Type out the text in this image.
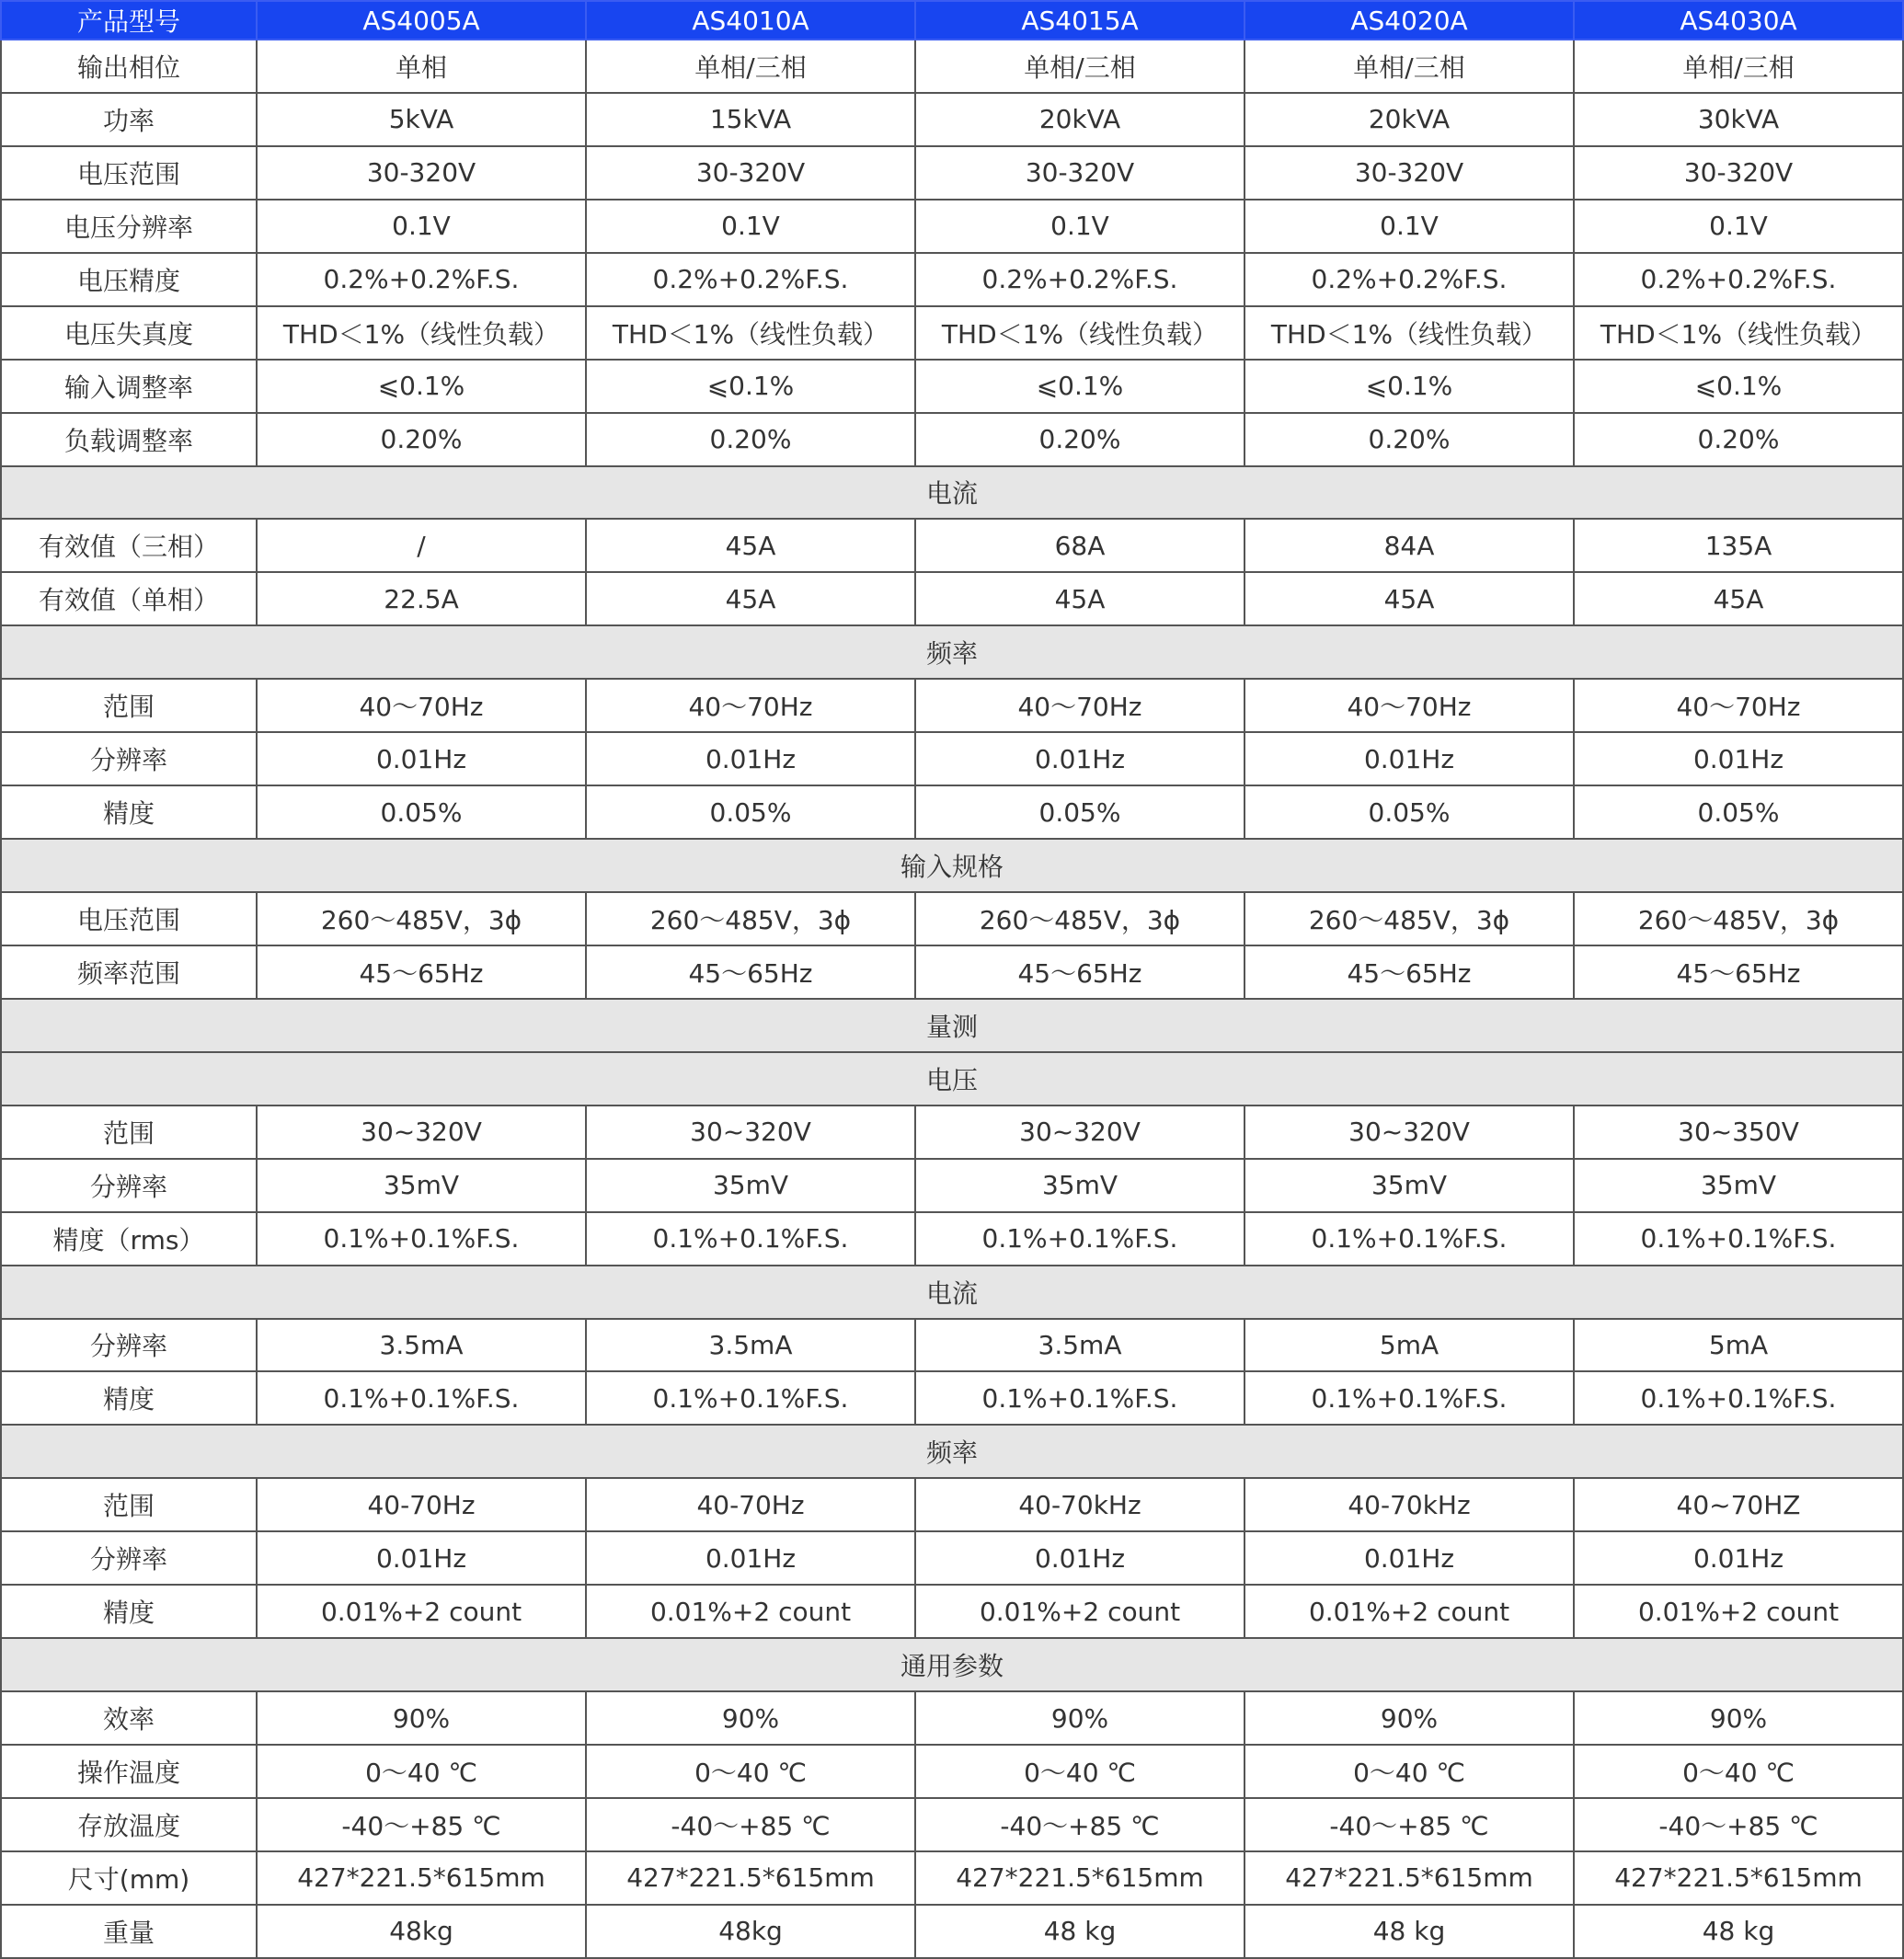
产品型号	AS4005A	AS4010A	AS4015A	AS4020A	AS4030A
输出相位	单相	单相/三相	单相/三相	单相/三相	单相/三相
功率	5kVA	15kVA	20kVA	20kVA	30kVA
电压范围	30-320V	30-320V	30-320V	30-320V	30-320V
电压分辨率	0.1V	0.1V	0.1V	0.1V	0.1V
电压精度	0.2%+0.2%F.S.	0.2%+0.2%F.S.	0.2%+0.2%F.S.	0.2%+0.2%F.S.	0.2%+0.2%F.S.
电压失真度	THD＜1%（线性负载）	THD＜1%（线性负载）	THD＜1%（线性负载）	THD＜1%（线性负载）	THD＜1%（线性负载）
输入调整率	⩽0.1%	⩽0.1%	⩽0.1%	⩽0.1%	⩽0.1%
负载调整率	0.20%	0.20%	0.20%	0.20%	0.20%
电流					
有效值（三相）	/	45A	68A	84A	135A
有效值（单相）	22.5A	45A	45A	45A	45A
频率					
范围	40～70Hz	40～70Hz	40～70Hz	40～70Hz	40～70Hz
分辨率	0.01Hz	0.01Hz	0.01Hz	0.01Hz	0.01Hz
精度	0.05%	0.05%	0.05%	0.05%	0.05%
输入规格					
电压范围	260～485V，3ϕ	260～485V，3ϕ	260～485V，3ϕ	260～485V，3ϕ	260～485V，3ϕ
频率范围	45～65Hz	45～65Hz	45～65Hz	45～65Hz	45～65Hz
量测					
电压					
范围	30~320V	30~320V	30~320V	30~320V	30~350V
分辨率	35mV	35mV	35mV	35mV	35mV
精度（rms）	0.1%+0.1%F.S.	0.1%+0.1%F.S.	0.1%+0.1%F.S.	0.1%+0.1%F.S.	0.1%+0.1%F.S.
电流					
分辨率	3.5mA	3.5mA	3.5mA	5mA	5mA
精度	0.1%+0.1%F.S.	0.1%+0.1%F.S.	0.1%+0.1%F.S.	0.1%+0.1%F.S.	0.1%+0.1%F.S.
频率					
范围	40-70Hz	40-70Hz	40-70kHz	40-70kHz	40~70HZ
分辨率	0.01Hz	0.01Hz	0.01Hz	0.01Hz	0.01Hz
精度	0.01%+2 count	0.01%+2 count	0.01%+2 count	0.01%+2 count	0.01%+2 count
通用参数					
效率	90%	90%	90%	90%	90%
操作温度	0～40 ℃	0～40 ℃	0～40 ℃	0～40 ℃	0～40 ℃
存放温度	-40～+85 ℃	-40～+85 ℃	-40～+85 ℃	-40～+85 ℃	-40～+85 ℃
尺寸(mm)	427*221.5*615mm	427*221.5*615mm	427*221.5*615mm	427*221.5*615mm	427*221.5*615mm
重量	48kg	48kg	48 kg	48 kg	48 kg
